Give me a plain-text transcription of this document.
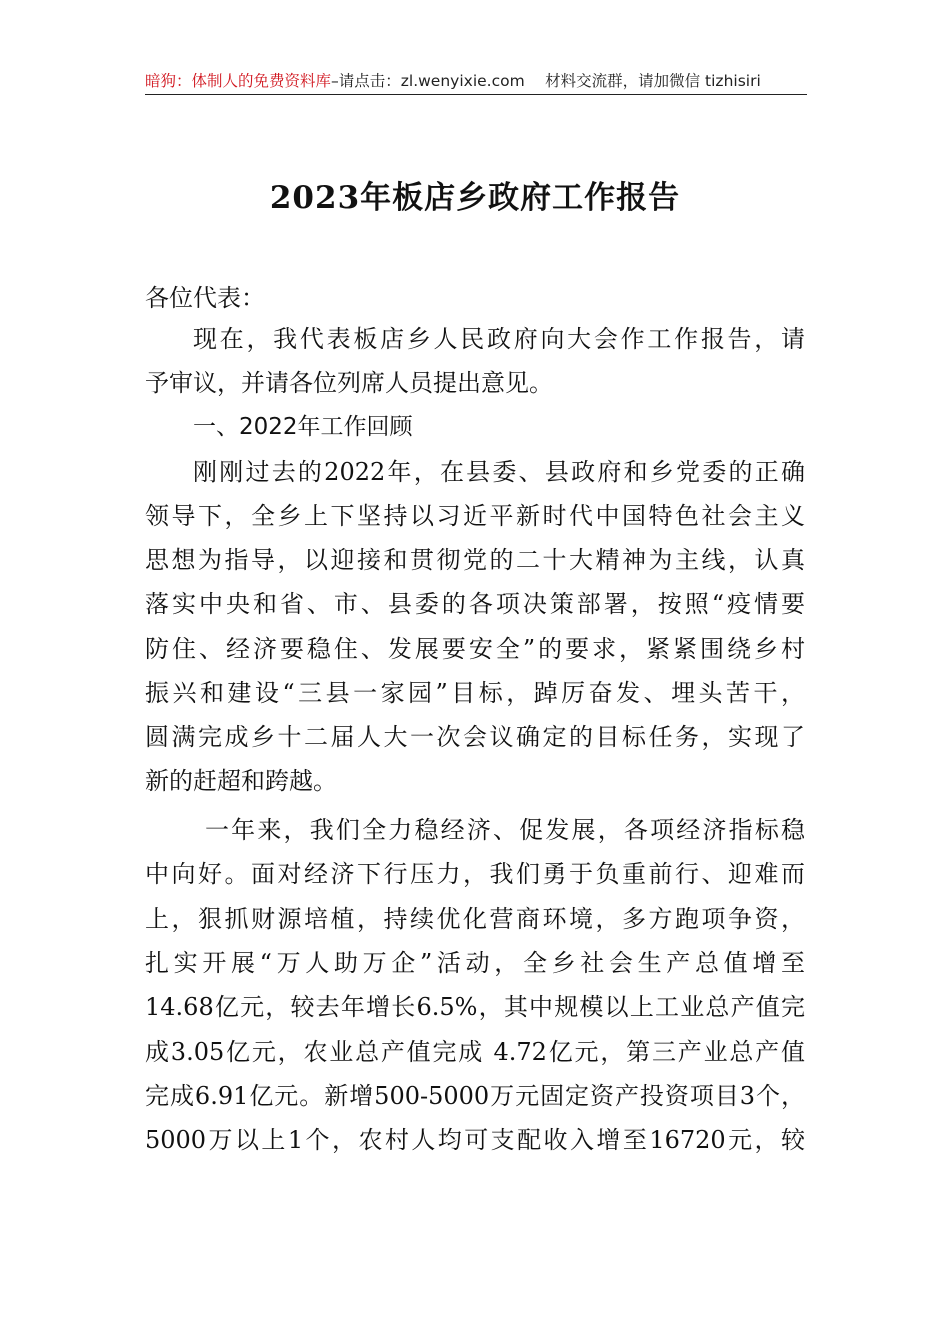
暗狗：体制人的免费资料库–请点击：zl.wenyixie.com　 材料交流群，请加微信 tizhisiri
2023年板店乡政府工作报告
各位代表：
现在，我代表板店乡人民政府向大会作工作报告，请
予审议，并请各位列席人员提出意见。
一、2022年工作回顾
刚刚过去的2022年，在县委、县政府和乡党委的正确
领导下，全乡上下坚持以习近平新时代中国特色社会主义
思想为指导，以迎接和贯彻党的二十大精神为主线，认真
落实中央和省、市、县委的各项决策部署，按照“疫情要
防住、经济要稳住、发展要安全”的要求，紧紧围绕乡村
振兴和建设“三县一家园”目标，踔厉奋发、埋头苦干，
圆满完成乡十二届人大一次会议确定的目标任务，实现了
新的赶超和跨越。
一年来，我们全力稳经济、促发展，各项经济指标稳
中向好。面对经济下行压力，我们勇于负重前行、迎难而
上，狠抓财源培植，持续优化营商环境，多方跑项争资，
扎实开展“万人助万企”活动，全乡社会生产总值增至
14.68亿元，较去年增长6.5%，其中规模以上工业总产值完
成3.05亿元，农业总产值完成 4.72亿元，第三产业总产值
完成6.91亿元。新增500-5000万元固定资产投资项目3个，
5000万以上1个，农村人均可支配收入增至16720元，较
